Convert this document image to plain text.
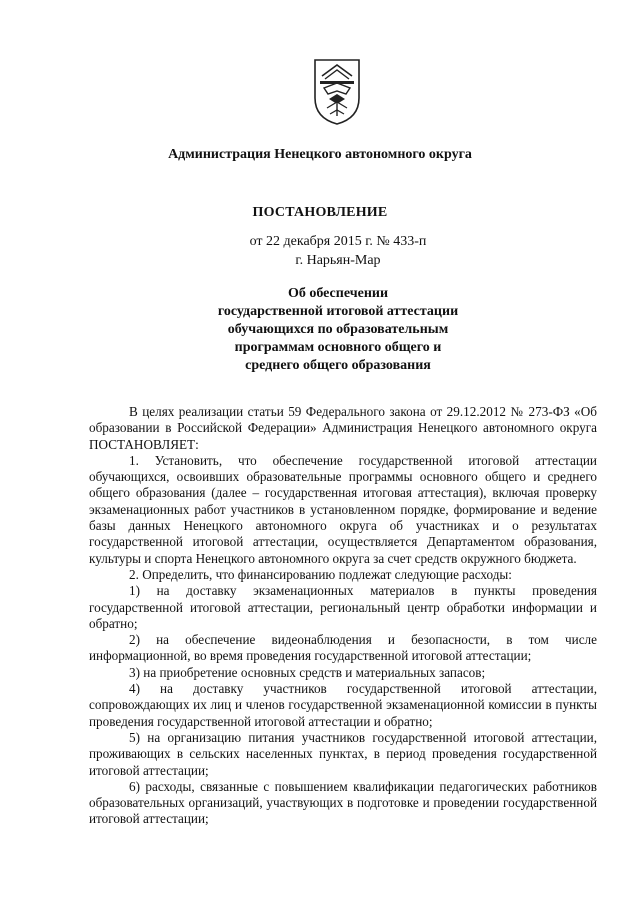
Администрация Ненецкого автономного округа
ПОСТАНОВЛЕНИЕ
от 22 декабря 2015 г. № 433-п
г. Нарьян-Мар
Об обеспечении
государственной итоговой аттестации
обучающихся по образовательным
программам основного общего и
среднего общего образования

В целях реализации статьи 59 Федерального закона от 29.12.2012 № 273-ФЗ «Об образовании в Российской Федерации» Администрация Ненецкого автономного округа ПОСТАНОВЛЯЕТ:

1. Установить, что обеспечение государственной итоговой аттестации обучающихся, освоивших образовательные программы основного общего и среднего общего образования (далее – государственная итоговая аттестация), включая проверку экзаменационных работ участников в установленном порядке, формирование и ведение базы данных Ненецкого автономного округа об участниках и о результатах государственной итоговой аттестации, осуществляется Департаментом образования, культуры и спорта Ненецкого автономного округа за счет средств окружного бюджета.

2. Определить, что финансированию подлежат следующие расходы:

1) на доставку экзаменационных материалов в пункты проведения государственной итоговой аттестации, региональный центр обработки информации и обратно;

2) на обеспечение видеонаблюдения и безопасности, в том числе информационной, во время проведения государственной итоговой аттестации;

3) на приобретение основных средств и материальных запасов;

4) на доставку участников государственной итоговой аттестации, сопровождающих их лиц и членов государственной экзаменационной комиссии в пункты проведения государственной итоговой аттестации и обратно;

5) на организацию питания участников государственной итоговой аттестации, проживающих в сельских населенных пунктах, в период проведения государственной итоговой аттестации;

6) расходы, связанные с повышением квалификации педагогических работников образовательных организаций, участвующих в подготовке и проведении государственной итоговой аттестации;
